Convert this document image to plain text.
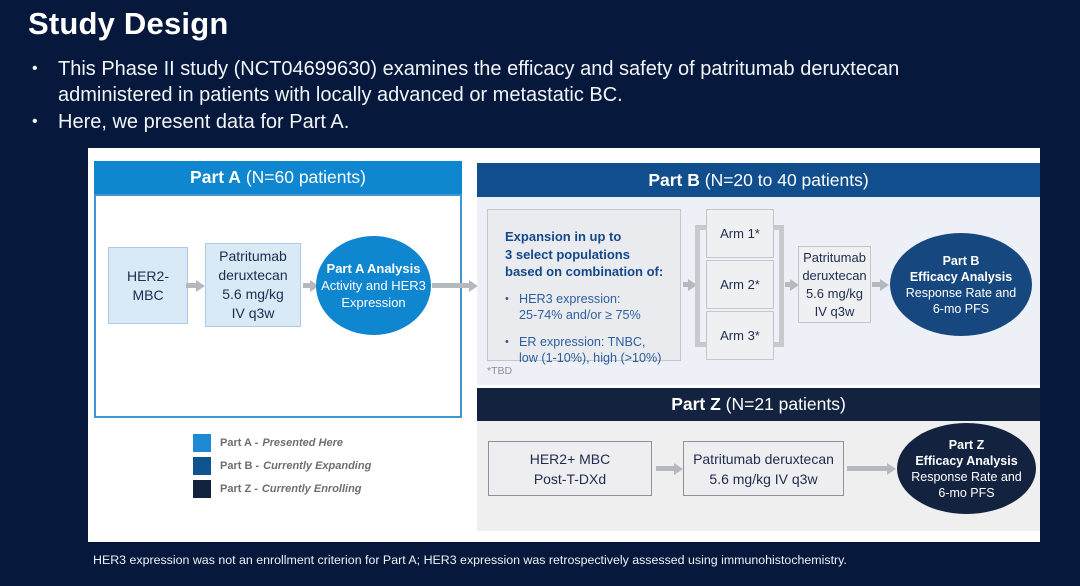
Study Design
•	This Phase II study (NCT04699630) examines the efficacy and safety of patritumab deruxtecan
administered in patients with locally advanced or metastatic BC.
•	Here, we present data for Part A.
Part A (N=60 patients)
HER2-
MBC
Patritumab
deruxtecan
5.6 mg/kg
IV q3w
Part A Analysis
Activity and HER3
Expression
Part A - Presented Here
Part B - Currently Expanding
Part Z - Currently Enrolling
Part B (N=20 to 40 patients)
Expansion in up to
3 select populations
based on combination of:
• HER3 expression:
25-74% and/or ≥ 75%
• ER expression: TNBC,
low (1-10%), high (>10%)
*TBD
Arm 1*
Arm 2*
Arm 3*
Patritumab
deruxtecan
5.6 mg/kg
IV q3w
Part B
Efficacy Analysis
Response Rate and
6-mo PFS
Part Z (N=21 patients)
HER2+ MBC
Post-T-DXd
Patritumab deruxtecan
5.6 mg/kg IV q3w
Part Z
Efficacy Analysis
Response Rate and
6-mo PFS
HER3 expression was not an enrollment criterion for Part A; HER3 expression was retrospectively assessed using immunohistochemistry.
